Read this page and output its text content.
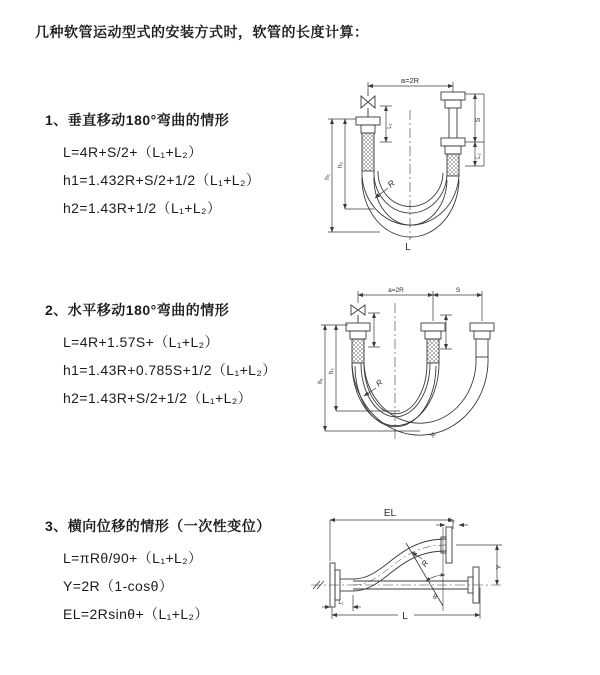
几种软管运动型式的安装方式时，软管的长度计算：

1、垂直移动180°弯曲的情形

L=4R+S/2+（L₁+L₂）

h1=1.432R+S/2+1/2（L₁+L₂）

h2=1.43R+1/2（L₁+L₂）

a=2R
S
L₂
h₁
h₂
L₁
R
L

2、水平移动180°弯曲的情形

L=4R+1.57S+（L₁+L₂）

h1=1.43R+0.785S+1/2（L₁+L₂）

h2=1.43R+S/2+1/2（L₁+L₂）

a=2R	S
h₁
h₂
R

3、横向位移的情形（一次性变位）

L=πRθ/90+（L₁+L₂）

Y=2R（1-cosθ）

EL=2Rsinθ+（L₁+L₂）

EL
L₂
L₁
Y
R
θ
L
